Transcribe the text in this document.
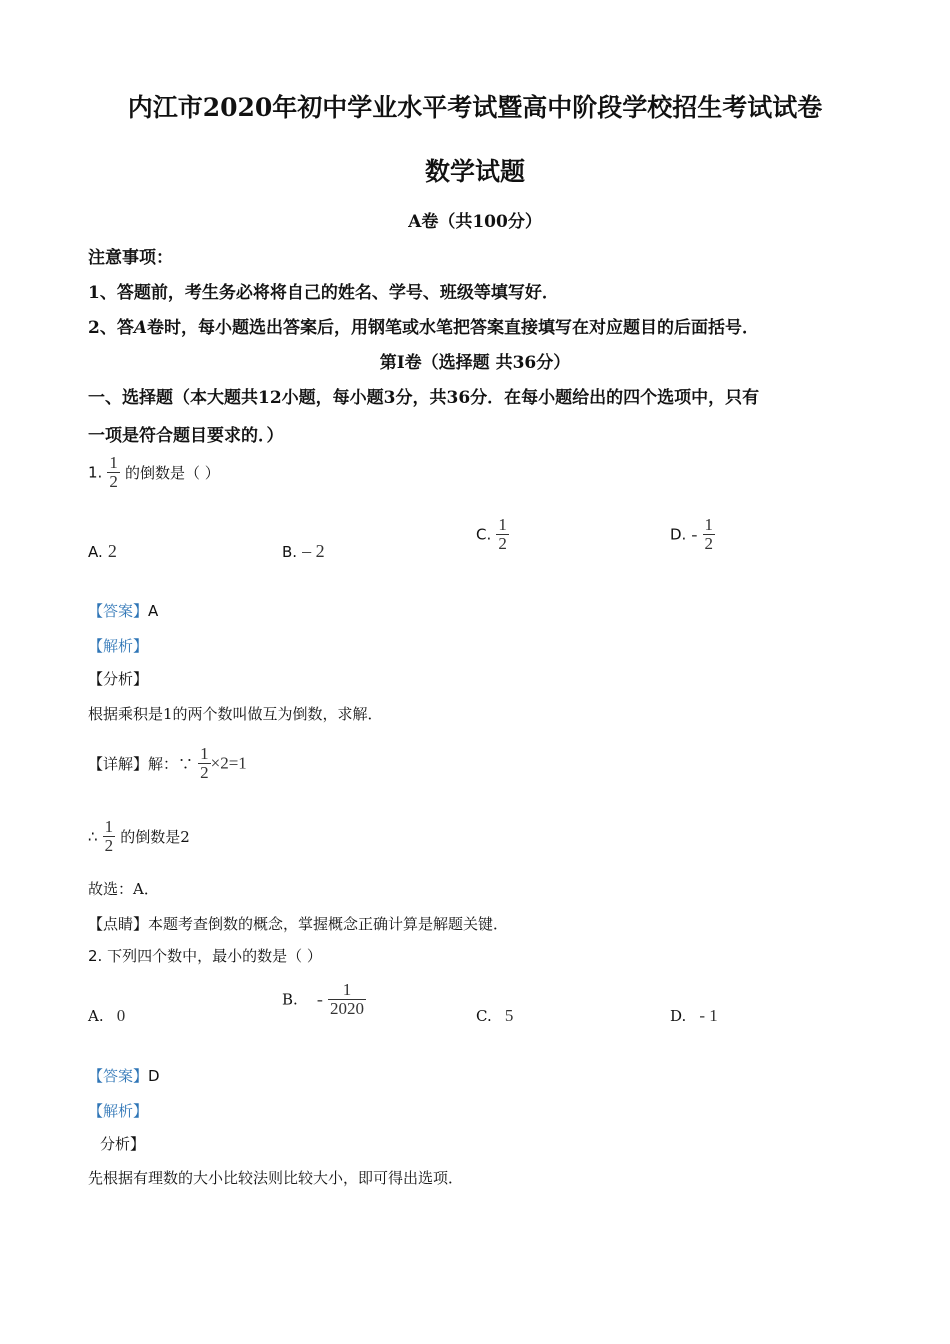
内江市2020年初中学业水平考试暨高中阶段学校招生考试试卷
数学试题
A卷（共100分）
注意事项：
1、答题前，考生务必将将自己的姓名、学号、班级等填写好．
2、答A卷时，每小题选出答案后，用钢笔或水笔把答案直接填写在对应题目的后面括号．
第Ⅰ卷（选择题 共36分）
一、选择题（本大题共12小题，每小题3分，共36分．在每小题给出的四个选项中，只有
一项是符合题目要求的．）
1. $\frac{1}{2}$ 的倒数是（ ）
A. 2	B. – 2
C. $\frac{1}{2}$	D. - $\frac{1}{2}$
【答案】A
【解析】
【分析】
根据乘积是1的两个数叫做互为倒数，求解．
【详解】解：∵ $\frac{1}{2} \times 2=1$
∴ $\frac{1}{2}$ 的倒数是2
故选：A．
【点睛】本题考查倒数的概念，掌握概念正确计算是解题关键．
2. 下列四个数中，最小的数是（ ）
A. 0
B. - $\frac{1}{2020}$	C. 5	D. - 1
【答案】D
【解析】
分析】
先根据有理数的大小比较法则比较大小，即可得出选项．
